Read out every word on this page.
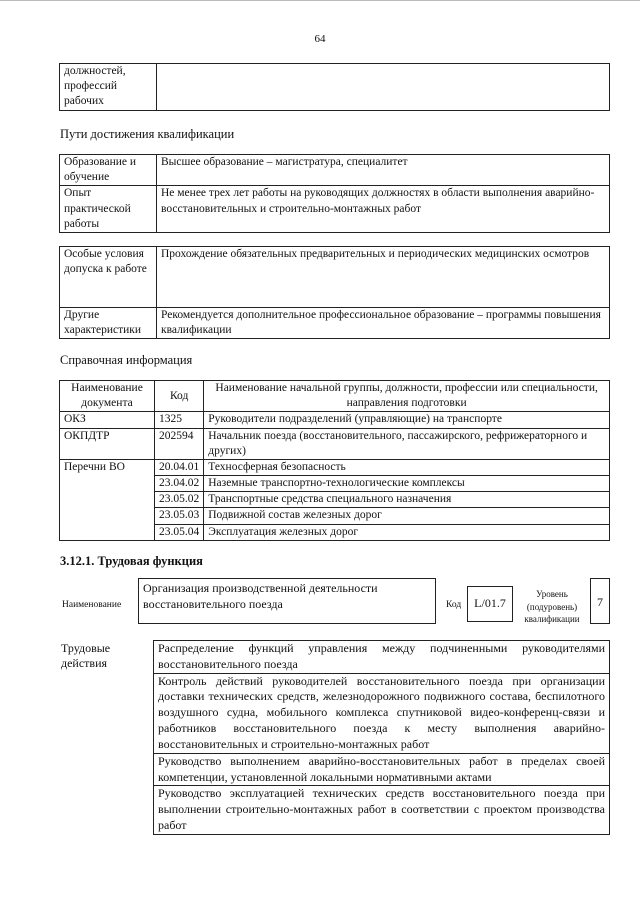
64
должностей, профессий рабочих	
Пути достижения квалификации
Образование и обучение	Высшее образование – магистратура, специалитет
Опыт практической работы	Не менее трех лет работы на руководящих должностях в области выполнения аварийно-восстановительных и строительно-монтажных работ
Особые условия допуска к работе	Прохождение обязательных предварительных и периодических медицинских осмотров
Другие характеристики	Рекомендуется дополнительное профессиональное образование – программы повышения квалификации
Справочная информация
Наименование документа	Код	Наименование начальной группы, должности, профессии или специальности, направления подготовки
ОКЗ	1325	Руководители подразделений (управляющие) на транспорте
ОКПДТР	202594	Начальник поезда (восстановительного, пассажирского, рефрижераторного и других)
Перечни ВО	20.04.01	Техносферная безопасность
	23.04.02	Наземные транспортно-технологические комплексы
	23.05.02	Транспортные средства специального назначения
	23.05.03	Подвижной состав железных дорог
	23.05.04	Эксплуатация железных дорог
3.12.1. Трудовая функция
Наименование
Организация производственной деятельности восстановительного поезда	Код	L/01.7
Уровень (подуровень) квалификации
7
Трудовые действия	Распределение функций управления между подчиненными руководителями восстановительного поезда
Контроль действий руководителей восстановительного поезда при организации доставки технических средств, железнодорожного подвижного состава, беспилотного воздушного судна, мобильного комплекса спутниковой видео-конференц-связи и работников восстановительного поезда к месту выполнения аварийно-восстановительных и строительно-монтажных работ
Руководство выполнением аварийно-восстановительных работ в пределах своей компетенции, установленной локальными нормативными актами
Руководство эксплуатацией технических средств восстановительного поезда при выполнении строительно-монтажных работ в соответствии с проектом производства работ
